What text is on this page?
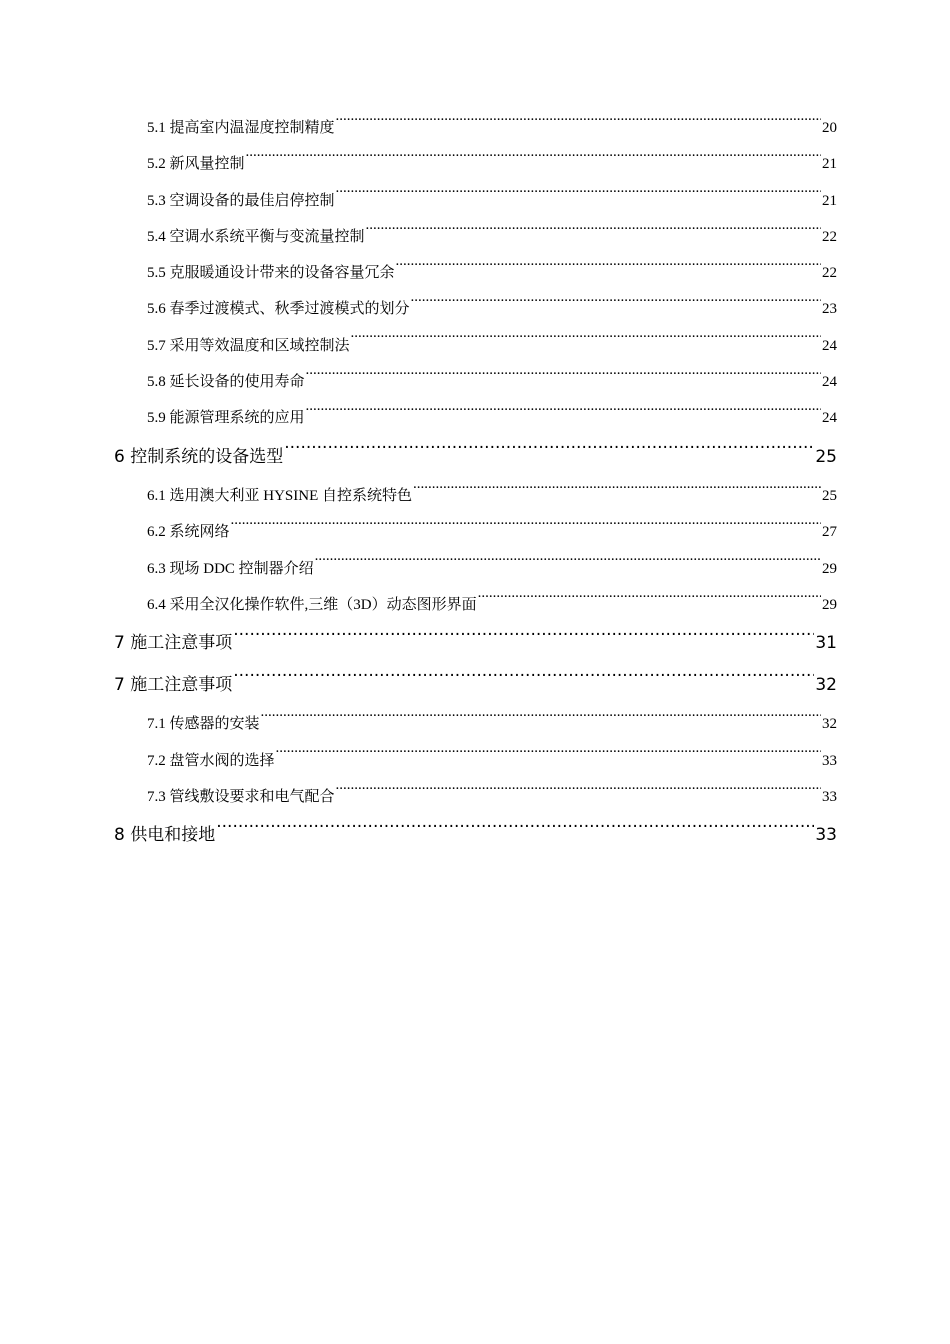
5.1 提高室内温湿度控制精度 .....	20
5.2 新风量控制 .....	21
5.3 空调设备的最佳启停控制 .....	21
5.4 空调水系统平衡与变流量控制 .....	22
5.5 克服暖通设计带来的设备容量冗余 .....	22
5.6 春季过渡模式、秋季过渡模式的划分 .....	23
5.7 采用等效温度和区域控制法 .....	24
5.8 延长设备的使用寿命 .....	24
5.9 能源管理系统的应用 .....	24
6 控制系统的设备选型 .....	25
6.1 选用澳大利亚 HYSINE 自控系统特色 .....	25
6.2 系统网络 .....	27
6.3 现场 DDC 控制器介绍 .....	29
6.4 采用全汉化操作软件,三维（3D）动态图形界面 .....	29
7 施工注意事项 .....	31
7 施工注意事项 .....	32
7.1 传感器的安装 .....	32
7.2 盘管水阀的选择 .....	33
7.3 管线敷设要求和电气配合 .....	33
8 供电和接地 .....	33
